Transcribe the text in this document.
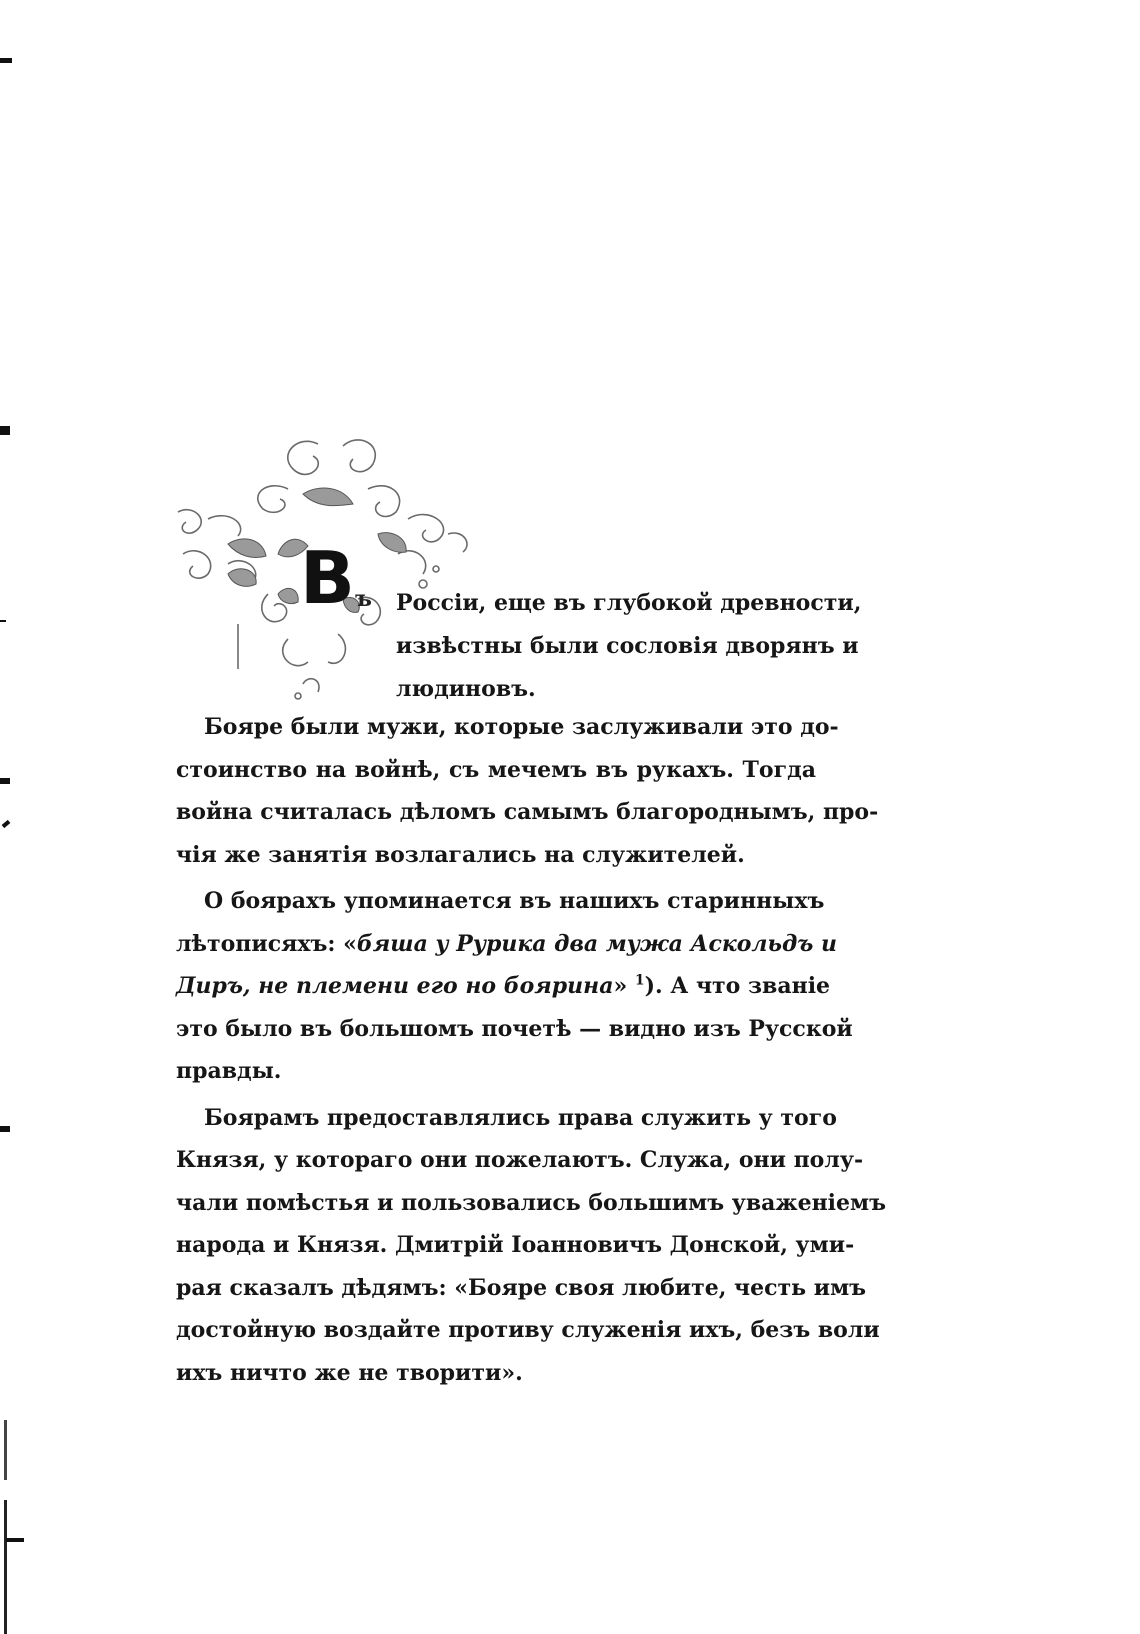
В ъ Россіи, еще въ глубокой древности,
извѣстны были сословія дворянъ и
людиновъ.
Бояре были мужи, которые заслуживали это до-
стоинство на войнѣ, съ мечемъ въ рукахъ. Тогда
война считалась дѣломъ самымъ благороднымъ, про-
чія же занятія возлагались на служителей.
О боярахъ упоминается въ нашихъ старинныхъ
лѣтописяхъ: «бяша у Рурика два мужа Аскольдъ и
Диръ, не племени его но боярина» $^1$). А что званіе
это было въ большомъ почетѣ — видно изъ Русской
правды.
Боярамъ предоставлялись права служить у того
Князя, у котораго они пожелаютъ. Служа, они полу-
чали помѣстья и пользовались большимъ уваженіемъ
народа и Князя. Дмитрій Іоанновичъ Донской, уми-
рая сказалъ дѣдямъ: «Бояре своя любите, честь имъ
достойную воздайте противу служенія ихъ, безъ воли
ихъ ничто же не творити».
